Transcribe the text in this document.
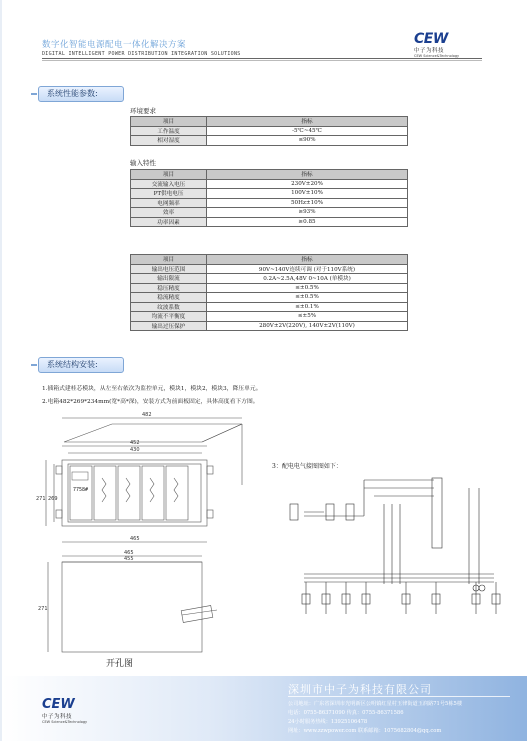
数字化智能电源配电一体化解决方案
DIGITAL INTELLIGENT POWER DISTRIBUTION INTEGRATION SOLUTIONS
CEW
中子为科技
CEW Science&Technology
系统性能参数:
环境要求
项目	指标
工作温度	-5℃~45℃
相对湿度	≤90%
输入特性
项目	指标
交流输入电压	230V±20%
PT供电电压	100V±10%
电网频率	50Hz±10%
效率	≥93%
功率因素	≥0.85
项目	指标
输出电压范围	90V~140V连续可调 (对于110V系统)
输出限流	0.2A~2.5A,48V 0~10A (单模块)
稳压精度	≤±0.5%
稳流精度	≤±0.5%
纹波系数	≤±0.1%
均流不平衡度	≤±5%
输出过压保护	280V±2V(220V), 140V±2V(110V)
系统结构安装:
1.插箱式建桂芯模块，从左至右依次为监控单元，模块1，模块2，模块3，降压单元。
2.电箱482*269*234mm(宽*高*深)，安装方式为前面板固定，具体高度看下方图。
7758#
482
452
430
465
271 269
465
455
271
开孔图
3：配电电气接图图如下：
CEW
中子为科技
CEW Science&Technology
深圳市中子为科技有限公司
公司地址：广东省深圳市光明新区公明镇红星村玉律街道玉润路71号5栋5楼
电话：0755-86371090 传真：0755-86371586
24小时服务热线：13925106478
网址：www.zzwpower.com 联系邮箱：1075682804@qq.com
